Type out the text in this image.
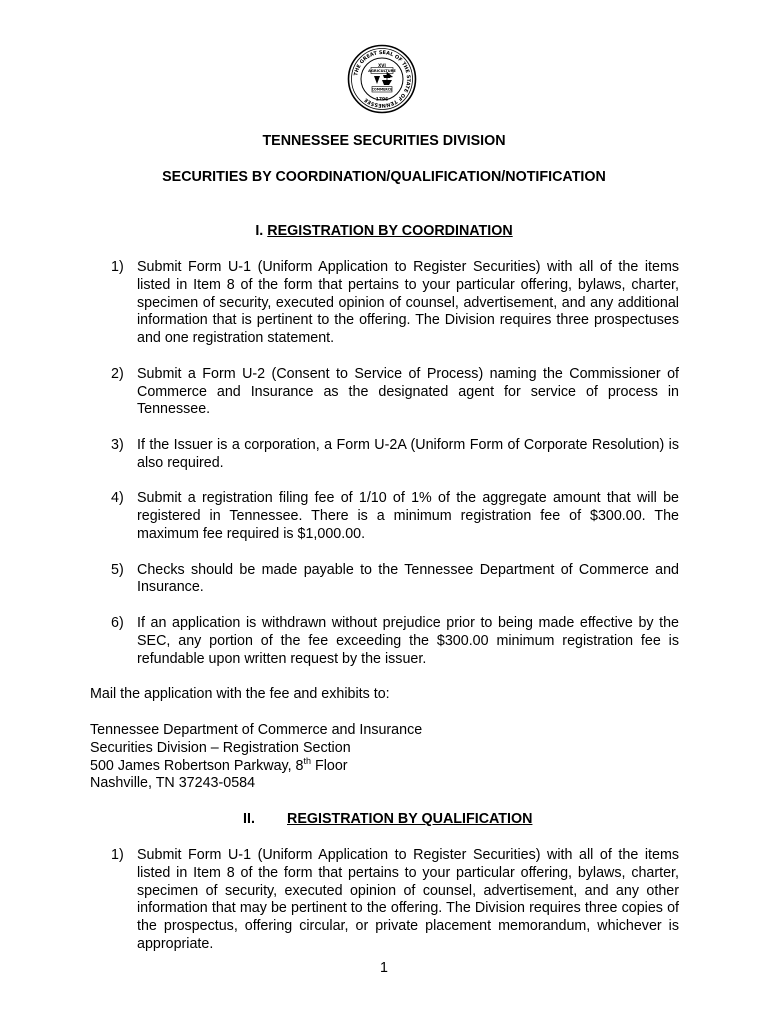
THE GREAT SEAL OF THE STATE OF TENNESSEE
XVI
AGRICULTURE
COMMERCE
1796
TENNESSEE SECURITIES DIVISION
SECURITIES BY COORDINATION/QUALIFICATION/NOTIFICATION
I. REGISTRATION BY COORDINATION
1) Submit Form U-1 (Uniform Application to Register Securities) with all of the items listed in Item 8 of the form that pertains to your particular offering, bylaws, charter, specimen of security, executed opinion of counsel, advertisement, and any additional information that is pertinent to the offering. The Division requires three prospectuses and one registration statement.
2) Submit a Form U-2 (Consent to Service of Process) naming the Commissioner of Commerce and Insurance as the designated agent for service of process in Tennessee.
3) If the Issuer is a corporation, a Form U-2A (Uniform Form of Corporate Resolution) is also required.
4) Submit a registration filing fee of 1/10 of 1% of the aggregate amount that will be registered in Tennessee. There is a minimum registration fee of $300.00. The maximum fee required is $1,000.00.
5) Checks should be made payable to the Tennessee Department of Commerce and Insurance.
6) If an application is withdrawn without prejudice prior to being made effective by the SEC, any portion of the fee exceeding the $300.00 minimum registration fee is refundable upon written request by the issuer.
Mail the application with the fee and exhibits to:
Tennessee Department of Commerce and Insurance
Securities Division – Registration Section
500 James Robertson Parkway, 8th Floor
Nashville, TN 37243-0584
II. REGISTRATION BY QUALIFICATION
1) Submit Form U-1 (Uniform Application to Register Securities) with all of the items listed in Item 8 of the form that pertains to your particular offering, bylaws, charter, specimen of security, executed opinion of counsel, advertisement, and any other information that may be pertinent to the offering. The Division requires three copies of the prospectus, offering circular, or private placement memorandum, whichever is appropriate.
1
